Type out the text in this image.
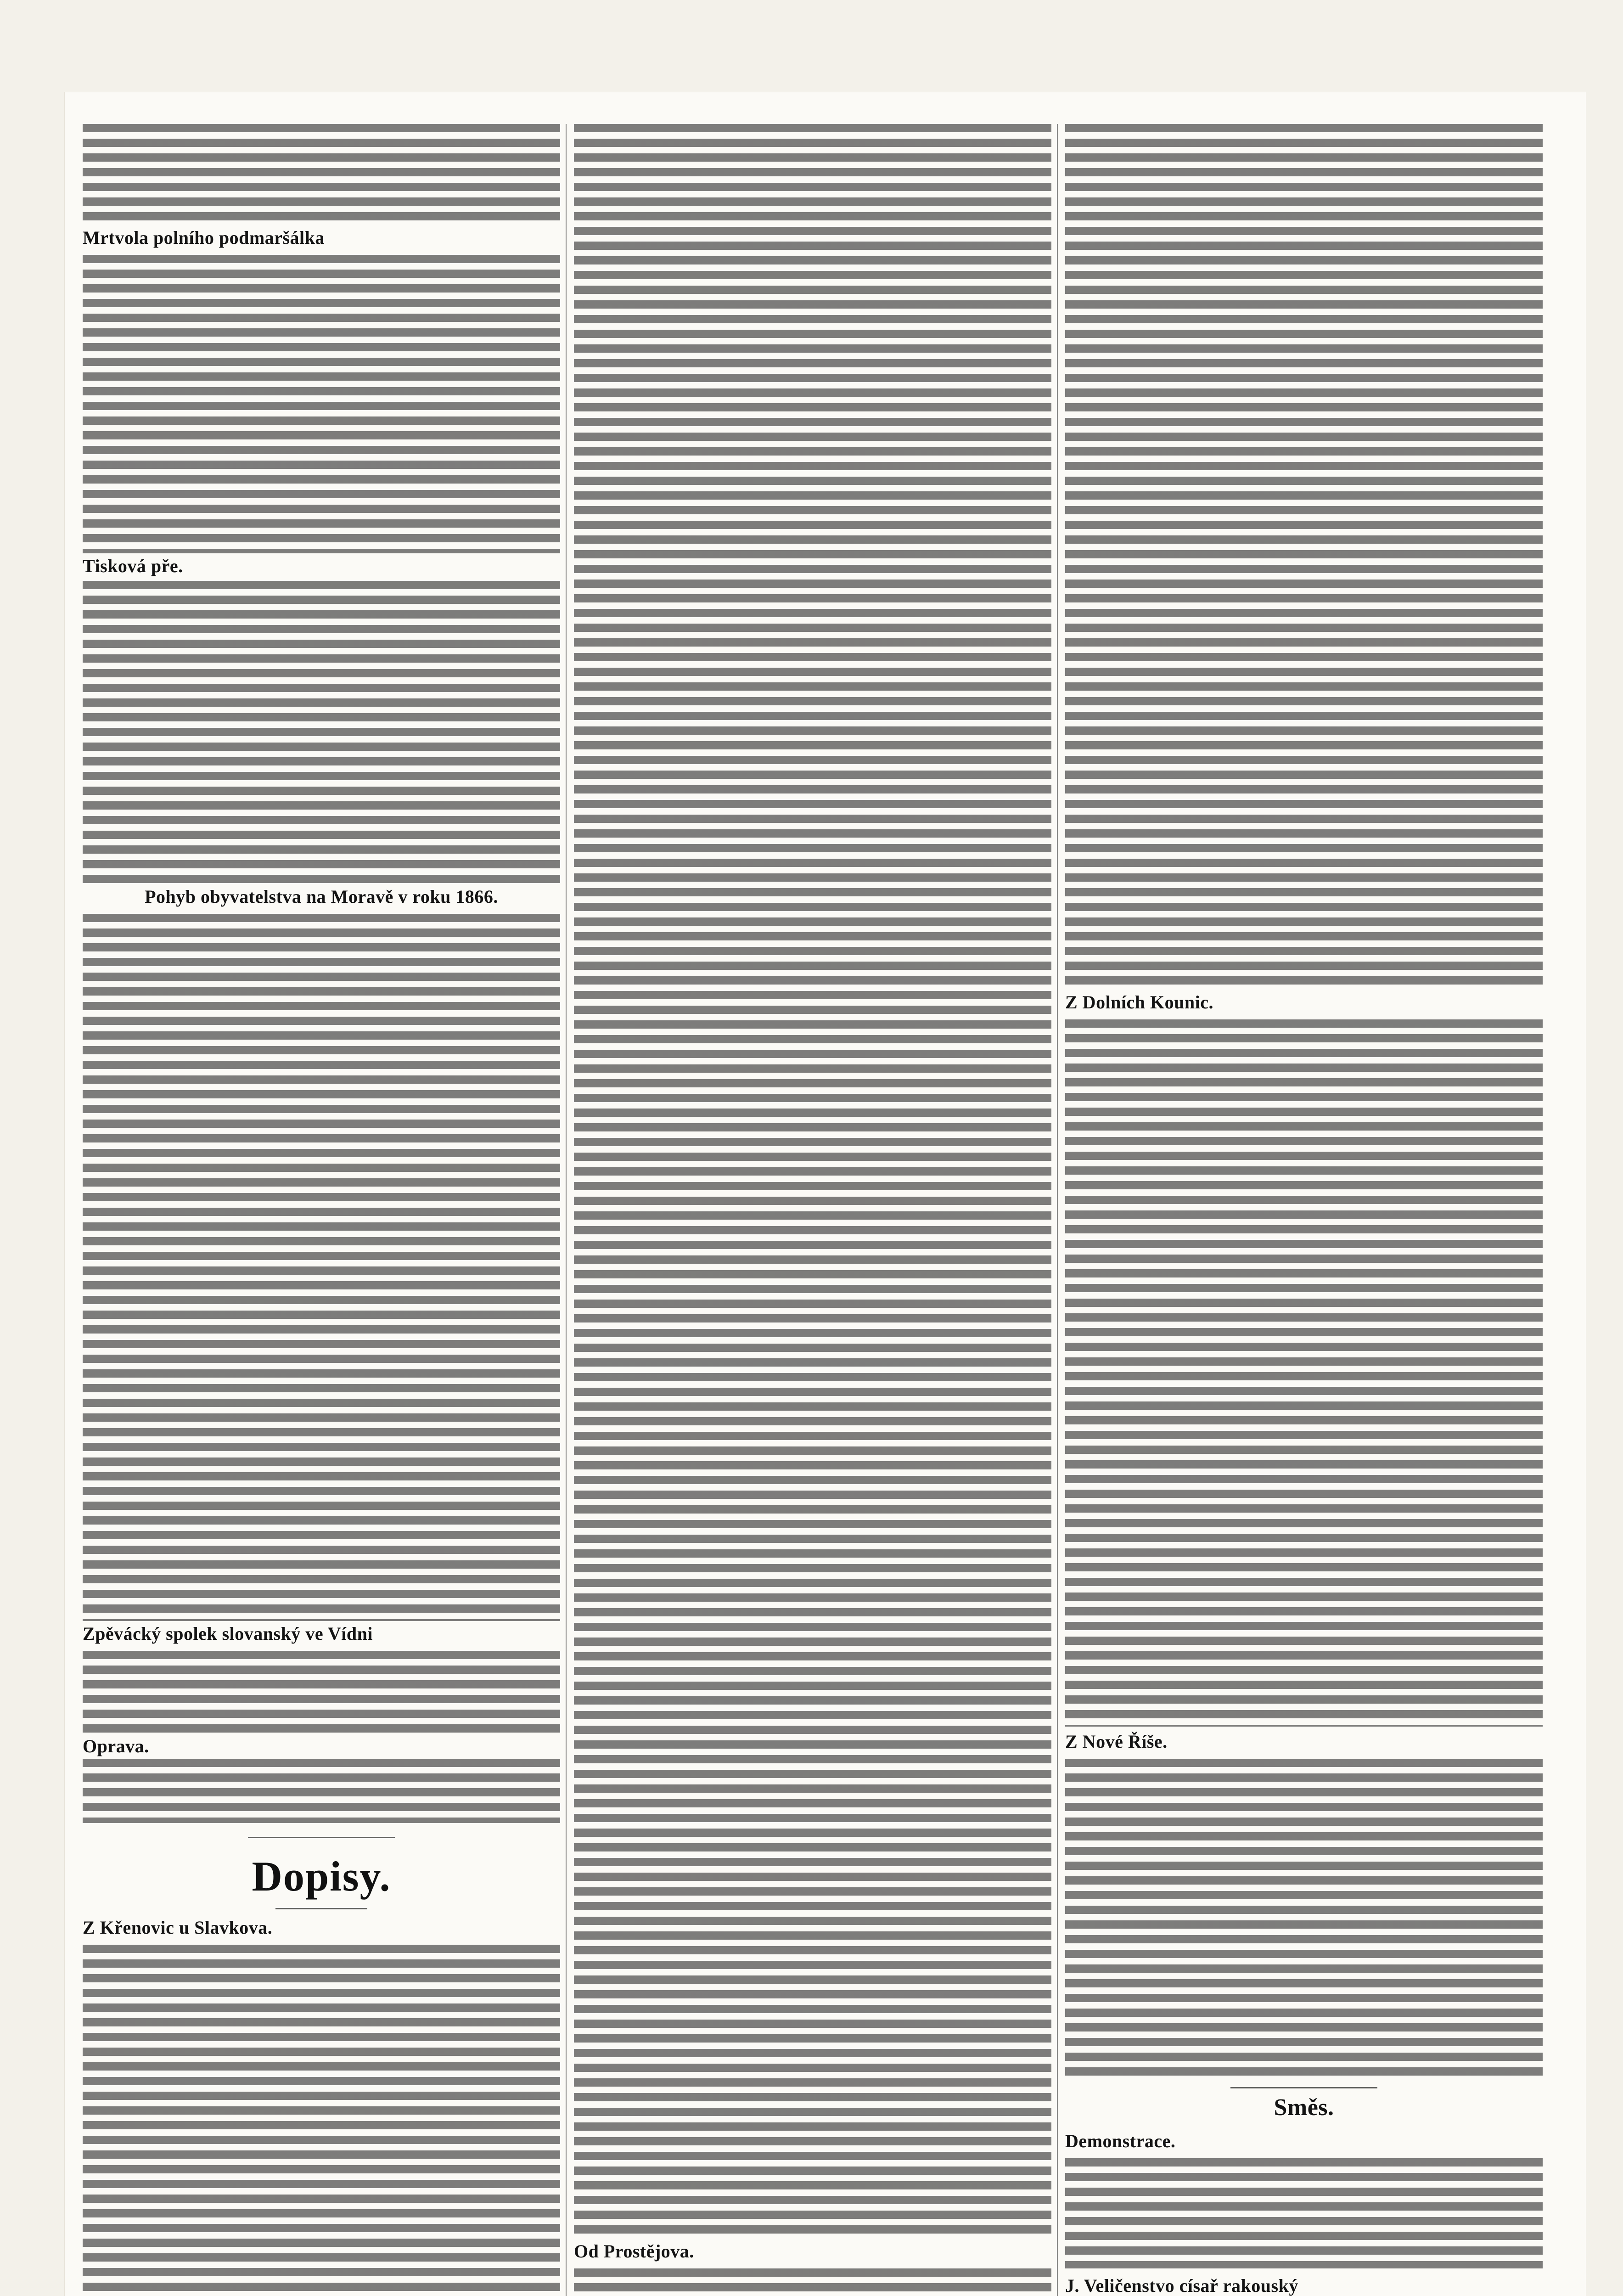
Mrtvola polního podmaršálka
Tisková pře.
Pohyb obyvatelstva na Moravě v roku 1866.
Zpěvácký spolek slovanský ve Vídni
Oprava.
Dopisy.
Z Křenovic u Slavkova.
Od Prostějova.
Z Dolních Kounic.
Z Nové Říše.
Směs.
Demonstrace.
J. Veličenstvo císař rakouský
